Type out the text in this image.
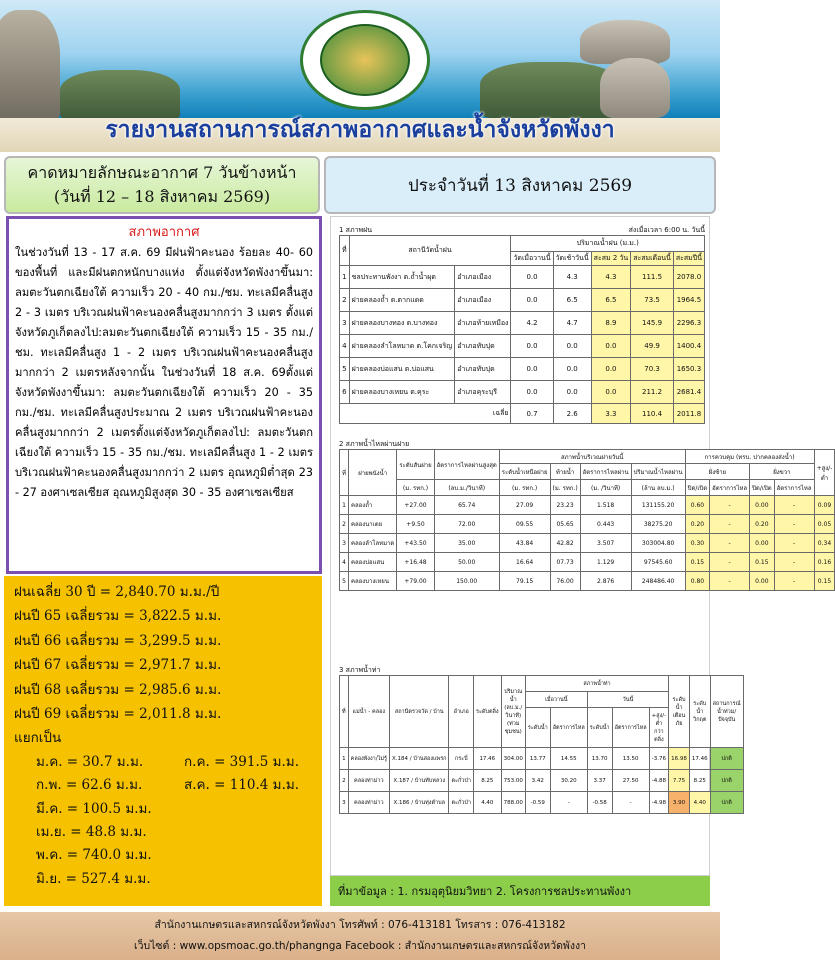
รายงานสถานการณ์สภาพอากาศและน้ำจังหวัดพังงา
คาดหมายลักษณะอากาศ 7 วันข้างหน้า
(วันที่ 12 – 18 สิงหาคม 2569)
ประจำวันที่ 13 สิงหาคม 2569
สภาพอากาศ
ในช่วงวันที่ 13 - 17 ส.ค. 69 มีฝนฟ้าคะนอง ร้อยละ 40- 60 ของพื้นที่ และมีฝนตกหนักบางแห่ง ตั้งแต่จังหวัดพังงาขึ้นมา: ลมตะวันตกเฉียงใต้ ความเร็ว 20 - 40 กม./ชม. ทะเลมีคลื่นสูง 2 - 3 เมตร บริเวณฝนฟ้าคะนองคลื่นสูงมากกว่า 3 เมตร ตั้งแต่จังหวัดภูเก็ตลงไป:ลมตะวันตกเฉียงใต้ ความเร็ว 15 - 35 กม./ชม. ทะเลมีคลื่นสูง 1 - 2 เมตร บริเวณฝนฟ้าคะนองคลื่นสูงมากกว่า 2 เมตรหลังจากนั้น ในช่วงวันที่ 18 ส.ค. 69ตั้งแต่จังหวัดพังงาขึ้นมา: ลมตะวันตกเฉียงใต้ ความเร็ว 20 - 35 กม./ชม. ทะเลมีคลื่นสูงประมาณ 2 เมตร บริเวณฝนฟ้าคะนองคลื่นสูงมากกว่า 2 เมตรตั้งแต่จังหวัดภูเก็ตลงไป: ลมตะวันตกเฉียงใต้ ความเร็ว 15 - 35 กม./ชม. ทะเลมีคลื่นสูง 1 - 2 เมตร บริเวณฝนฟ้าคะนองคลื่นสูงมากกว่า 2 เมตร อุณหภูมิต่ำสุด 23 - 27 องศาเซลเซียส อุณหภูมิสูงสุด 30 - 35 องศาเซลเซียส
ฝนเฉลี่ย 30 ปี = 2,840.70 ม.ม./ปี
ฝนปี 65 เฉลี่ยรวม = 3,822.5 ม.ม.
ฝนปี 66 เฉลี่ยรวม = 3,299.5 ม.ม.
ฝนปี 67 เฉลี่ยรวม = 2,971.7 ม.ม.
ฝนปี 68 เฉลี่ยรวม = 2,985.6 ม.ม.
ฝนปี 69 เฉลี่ยรวม = 2,011.8 ม.ม.
แยกเป็น
ม.ค. = 30.7 ม.ม.	ก.ค. = 391.5 ม.ม.
ก.พ. = 62.6 ม.ม.	ส.ค. = 110.4 ม.ม.
มี.ค. = 100.5 ม.ม.
เม.ย. = 48.8 ม.ม.
พ.ค. = 740.0 ม.ม.
มิ.ย. = 527.4 ม.ม.
1 สภาพฝน	ส่งเมื่อเวลา 6:00 น. วันนี้
ที่	สถานีวัดน้ำฝน		ปริมาณน้ำฝน (ม.ม.)				
			วัดเมื่อวานนี้	วัดเช้าวันนี้	สะสม 2 วัน	สะสมเดือนนี้	สะสมปีนี้
1	ชลประทานพังงา ต.ถ้ำน้ำผุด	อำเภอเมือง	0.0	4.3	4.3	111.5	2078.0
2	ฝายคลองถ้ำ ต.ตากแดด	อำเภอเมือง	0.0	6.5	6.5	73.5	1964.5
3	ฝายคลองบางทอง ต.บางทอง	อำเภอท้ายเหมือง	4.2	4.7	8.9	145.9	2296.3
4	ฝายคลองลำโลหมาด ต.โคกเจริญ	อำเภอทับปุด	0.0	0.0	0.0	49.9	1400.4
5	ฝายคลองบ่อแสน ต.บ่อแสน	อำเภอทับปุด	0.0	0.0	0.0	70.3	1650.3
6	ฝายคลองบางเหยน ต.คุระ	อำเภอคุระบุรี	0.0	0.0	0.0	211.2	2681.4
เฉลี่ย			0.7	2.6	3.3	110.4	2011.8
2 สภาพน้ำไหลผ่านฝาย
ที่	ฝายพนังน้ำ	ระดับสันฝาย	อัตราการไหลผ่านสูงสุด	สภาพน้ำบริเวณฝายวันนี้				การควบคุม (ทรบ. ปากคลองส่งน้ำ)				+สูง/-ต่ำ
				ระดับน้ำเหนือฝาย	ท้ายน้ำ	อัตราการไหลผ่าน	ปริมาณน้ำไหลผ่าน	ฝั่งซ้าย		ฝั่งขวา		
		(ม. รทก.)	(ลบ.ม./วินาที)	(ม. รทก.)	(ม. รทก.)	(ม. /วินาที)	(ล้าน ลบ.ม.)	ปิด/เปิด	อัตราการไหล	ปิด/เปิด	อัตราการไหล	
1	คลองถ้ำ	+27.00	65.74	27.09	23.23	1.518	131155.20	0.60	-	0.00	-	0.09
2	คลองนาเตย	+9.50	72.00	09.55	05.65	0.443	38275.20	0.20	-	0.20	-	0.05
3	คลองลำโลหมาด	+43.50	35.00	43.84	42.82	3.507	303004.80	0.30	-	0.00	-	0.34
4	คลองบ่อแสน	+16.48	50.00	16.64	07.73	1.129	97545.60	0.15	-	0.15	-	0.16
5	คลองบางเหยน	+79.00	150.00	79.15	76.00	2.876	248486.40	0.80	-	0.00	-	0.15
3 สภาพน้ำท่า
ที่	แม่น้ำ - คลอง	สถานีตรวจวัด / บ้าน	อำเภอ	ระดับตลิ่ง	ปริมาณน้ำ (ลบ.ม./วินาที) (ท่วมชุมชน)	สภาพน้ำท่า					ระดับน้ำเตือนภัย	ระดับน้ำวิกฤต	สถานการณ์น้ำท่วม/ปัจจุบัน
						เมื่อวานนี้		วันนี้					
						ระดับน้ำ	อัตราการไหล	ระดับน้ำ	อัตราการไหล	+สูง/-ต่ำกว่าตลิ่ง			
1	คลองพังงา/ไม่รู้	X.184 / บ้านสองแพรก	กระบี่	17.46	304.00	13.77	14.55	13.70	13.50	-3.76	16.98	17.46	ปกติ
2	คลองท่าม่าว	X.187 / บ้านทับหลวง	ตะกั่วป่า	8.25	753.00	3.42	30.20	3.37	27.50	-4.88	7.75	8.25	ปกติ
3	คลองท่าม่าว	X.186 / บ้านทุ่งตำบล	ตะกั่วป่า	4.40	788.00	-0.59	-	-0.58	-	-4.98	3.90	4.40	ปกติ
ที่มาข้อมูล : 1. กรมอุตุนิยมวิทยา 2. โครงการชลประทานพังงา
สำนักงานเกษตรและสหกรณ์จังหวัดพังงา โทรศัพท์ : 076-413181 โทรสาร : 076-413182
เว็บไซต์ : www.opsmoac.go.th/phangnga Facebook : สำนักงานเกษตรและสหกรณ์จังหวัดพังงา
